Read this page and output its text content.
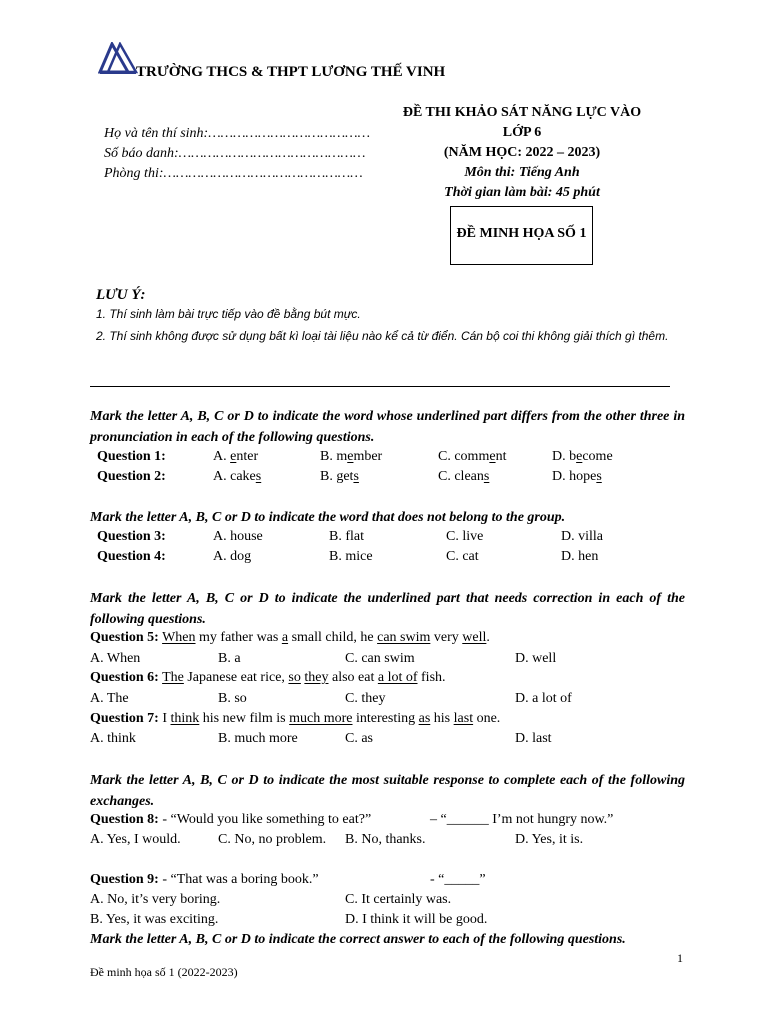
TRƯỜNG THCS & THPT LƯƠNG THẾ VINH
Họ và tên thí sinh:…………………………………
Số báo danh:………………………………………
Phòng thi:…………………………………………
ĐỀ THI KHẢO SÁT NĂNG LỰC VÀO
LỚP 6
(NĂM HỌC: 2022 – 2023)
Môn thi: Tiếng Anh
Thời gian làm bài: 45 phút
ĐỀ MINH HỌA SỐ 1
LƯU Ý:
1. Thí sinh làm bài trực tiếp vào đề bằng bút mực.
2. Thí sinh không được sử dụng bất kì loại tài liệu nào kể cả từ điển. Cán bộ coi thi không giải thích gì thêm.
Mark the letter A, B, C or D to indicate the word whose underlined part differs from the other three in pronunciation in each of the following questions.
Question 1:	A. enter	B. member	C. comment	D. become
Question 2:	A. cakes	B. gets	C. cleans	D. hopes
Mark the letter A, B, C or D to indicate the word that does not belong to the group.
Question 3:	A. house	B. flat	C. live	D. villa
Question 4:	A. dog	B. mice	C. cat	D. hen
Mark the letter A, B, C or D to indicate the underlined part that needs correction in each of the following questions.
Question 5: When my father was a small child, he can swim very well.
A. When	B. a	C. can swim	D. well
Question 6: The Japanese eat rice, so they also eat a lot of fish.
A. The	B. so	C. they	D. a lot of
Question 7: I think his new film is much more interesting as his last one.
A. think	B. much more	C. as	D. last
Mark the letter A, B, C or D to indicate the most suitable response to complete each of the following exchanges.
Question 8: - “Would you like something to eat?”	– “______ I’m not hungry now.”
A. Yes, I would.	C. No, no problem. B. No, thanks.	D. Yes, it is.
Question 9: - “That was a boring book.”	- “_____”
A. No, it’s very boring.	C. It certainly was.
B. Yes, it was exciting.	D. I think it will be good.
Mark the letter A, B, C or D to indicate the correct answer to each of the following questions.
1
Đề minh họa số 1 (2022-2023)
